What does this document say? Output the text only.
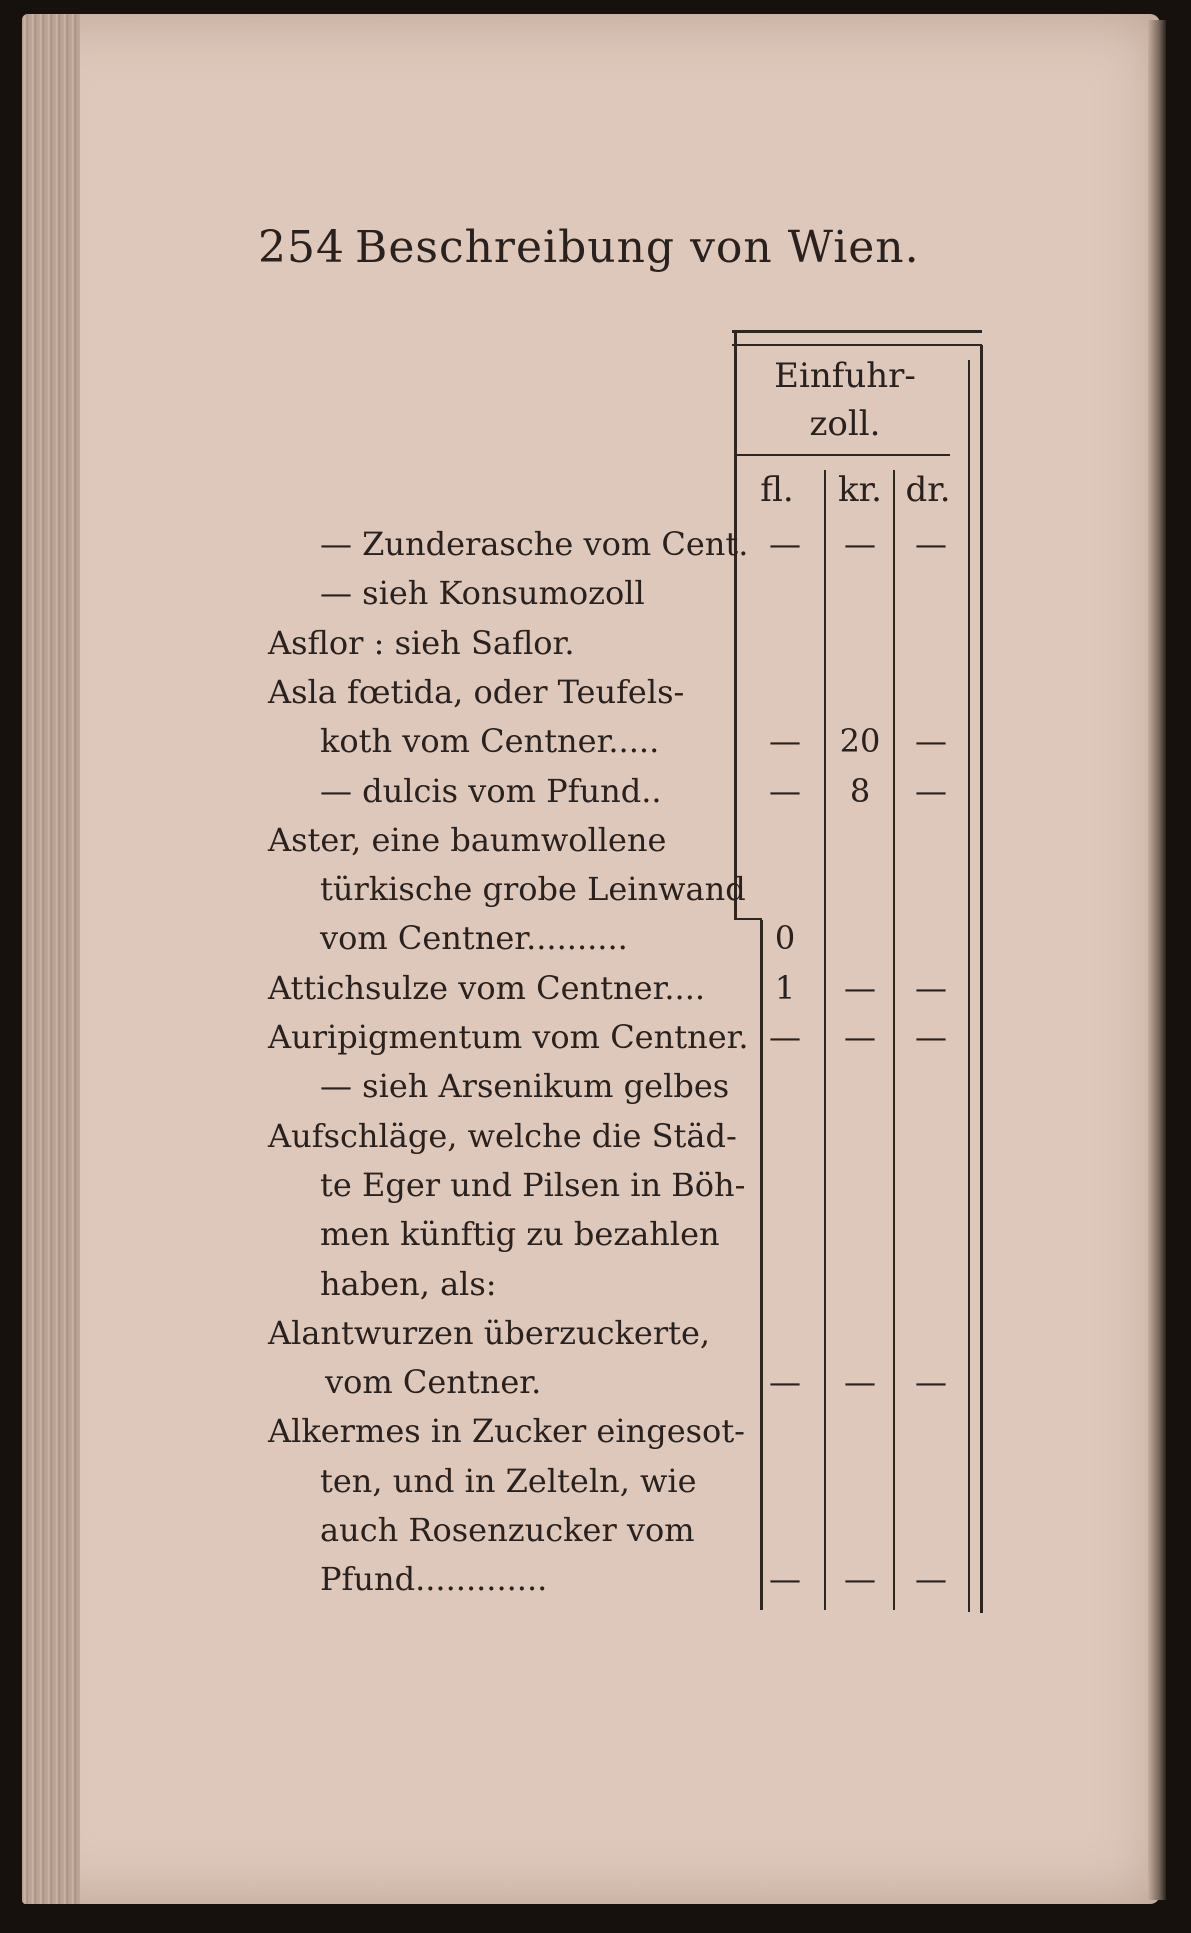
254 Beschreibung von Wien.
Einfuhr-
zoll.
fl. kr. dr.
— Zunderasche vom Cent. —	—	—
— sieh Konsumozoll
Asflor : sieh Saflor.
Asla fœtida, oder Teufels-
koth vom Centner.....	—	20	—
— dulcis vom Pfund..	—	8	—
Aster, eine baumwollene
türkische grobe Leinwand
vom Centner..........	0
Attichsulze vom Centner....	1	—	—
Auripigmentum vom Centner. —	—	—
— sieh Arsenikum gelbes
Aufschläge, welche die Städ-
te Eger und Pilsen in Böh-
men künftig zu bezahlen
haben, als:
Alantwurzen überzuckerte,
vom Centner.	—	—	—
Alkermes in Zucker eingesot-
ten, und in Zelteln, wie
auch Rosenzucker vom
Pfund.............	—	—	—
